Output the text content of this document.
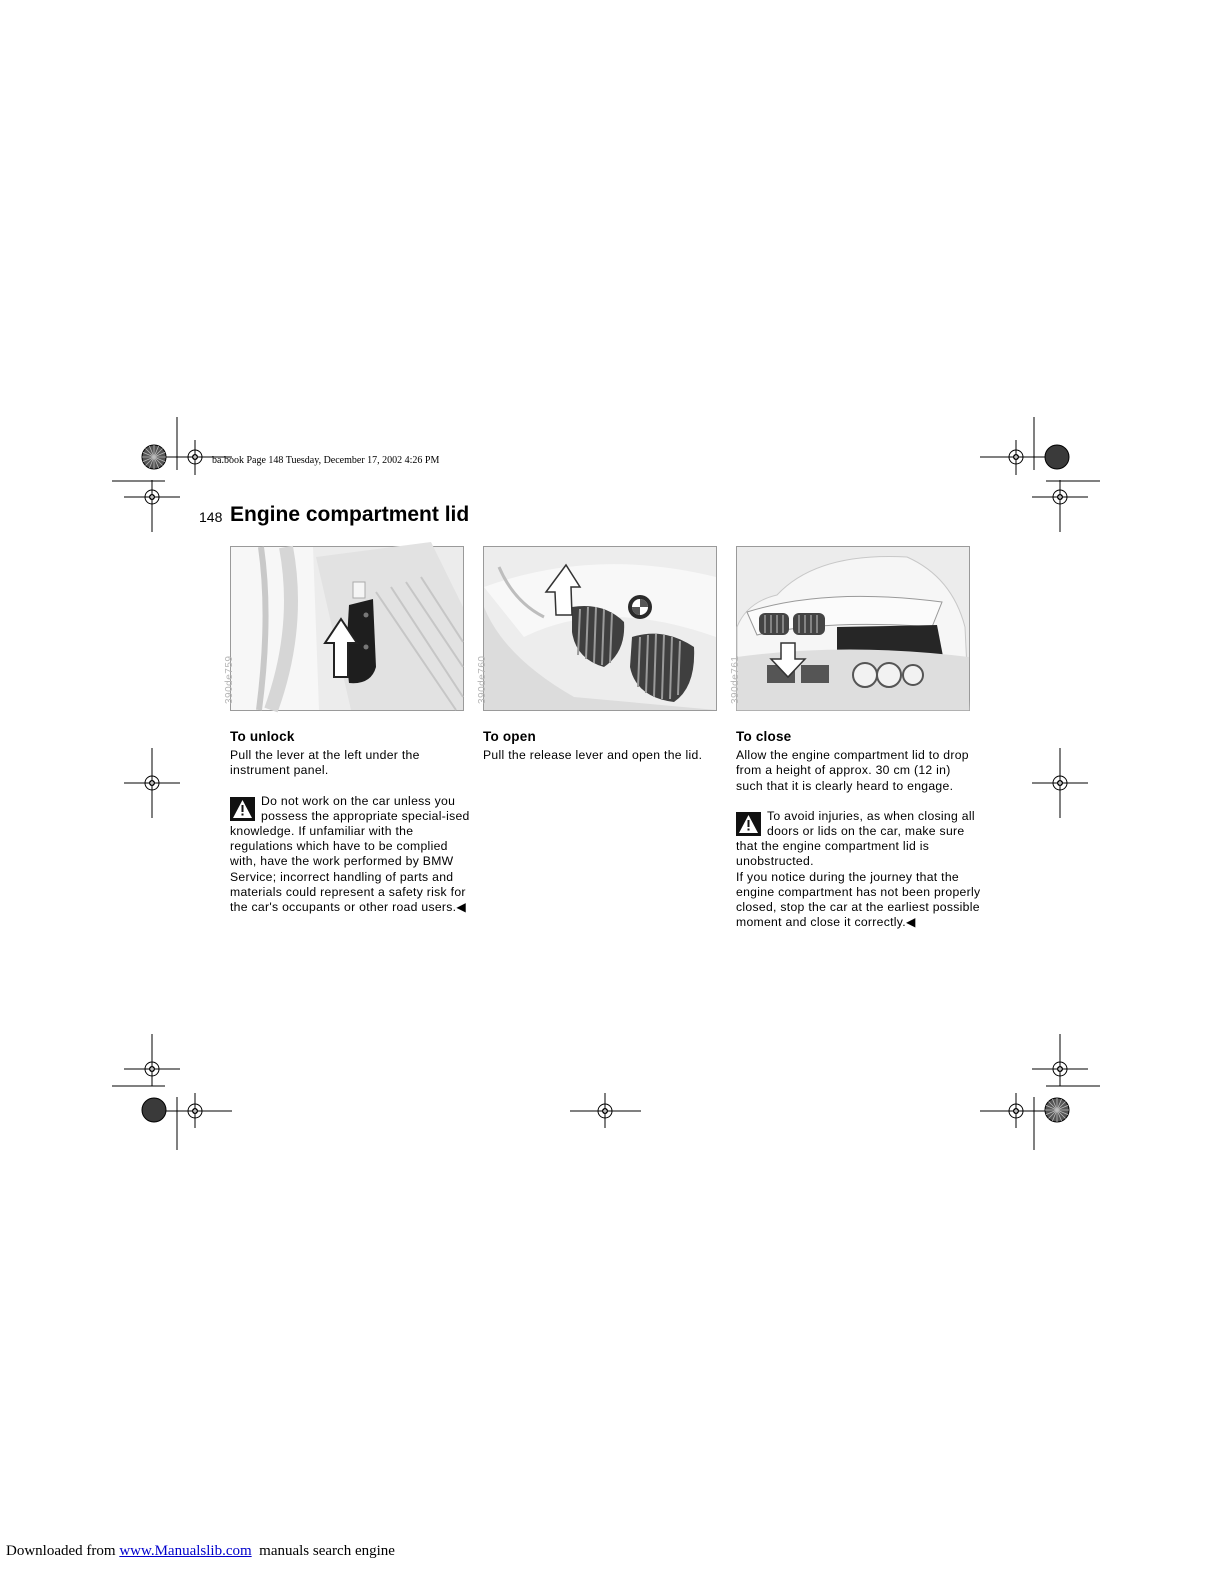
ba.book Page 148 Tuesday, December 17, 2002 4:26 PM
148 Engine compartment lid
390de759	390de760	390de761
To unlock

Pull the lever at the left under the instrument panel.

Do not work on the car unless you possess the appropriate special-ised knowledge. If unfamiliar with the regulations which have to be complied with, have the work performed by BMW Service; incorrect handling of parts and materials could represent a safety risk for the car's occupants or other road users.◀

To open

Pull the release lever and open the lid.

To close

Allow the engine compartment lid to drop from a height of approx. 30 cm (12 in) such that it is clearly heard to engage.

To avoid injuries, as when closing all doors or lids on the car, make sure that the engine compartment lid is unobstructed.

If you notice during the journey that the engine compartment has not been properly closed, stop the car at the earliest possible moment and close it correctly.◀

Downloaded from www.Manualslib.com  manuals search engine
